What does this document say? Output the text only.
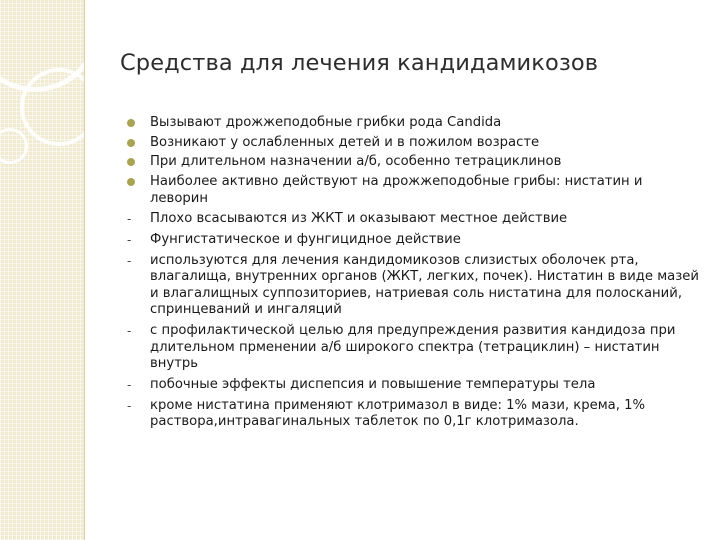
Средства для лечения кандидамикозов
Вызывают дрожжеподобные грибки рода Candida
Возникают у ослабленных детей и в пожилом возрасте
При длительном назначении а/б, особенно тетрациклинов
Наиболее активно действуют на дрожжеподобные грибы: нистатин и леворин
- Плохо всасываются из ЖКТ и оказывают местное действие
- Фунгистатическое и фунгицидное действие
- используются для лечения кандидомикозов слизистых оболочек рта, влагалища, внутренних органов (ЖКТ, легких, почек). Нистатин в виде мазей и влагалищных суппозиториев, натриевая соль нистатина для полосканий, спринцеваний и ингаляций
- с профилактической целью для предупреждения развития кандидоза при длительном прменении а/б широкого спектра (тетрациклин) – нистатин внутрь
- побочные эффекты диспепсия и повышение температуры тела
- кроме нистатина применяют клотримазол в виде: 1% мази, крема, 1% раствора,интравагинальных таблеток по 0,1г клотримазола.
